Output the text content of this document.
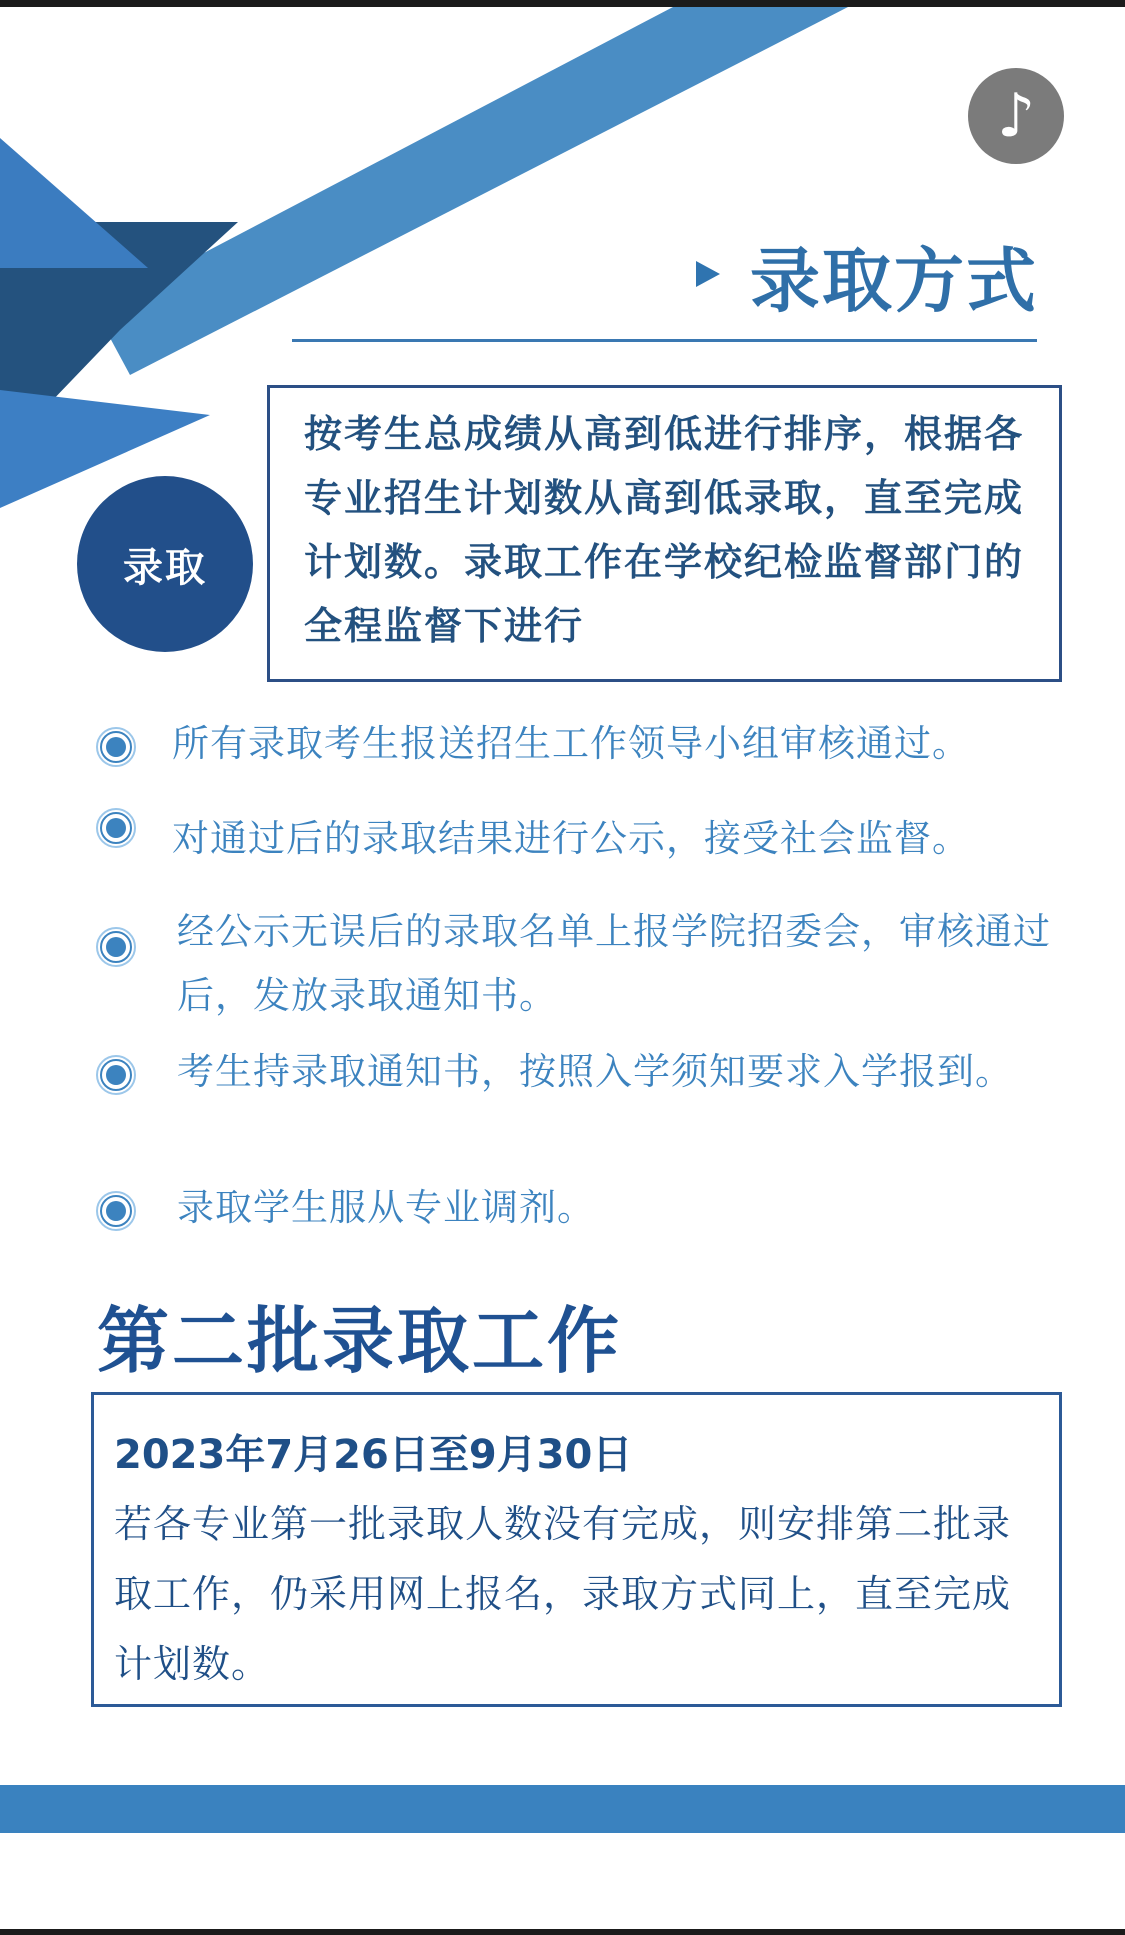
♪
录取方式
按考生总成绩从高到低进行排序，根据各专业招生计划数从高到低录取，直至完成计划数。录取工作在学校纪检监督部门的全程监督下进行
录取
所有录取考生报送招生工作领导小组审核通过。
对通过后的录取结果进行公示，接受社会监督。
经公示无误后的录取名单上报学院招委会，审核通过后，发放录取通知书。
考生持录取通知书，按照入学须知要求入学报到。
录取学生服从专业调剂。
第二批录取工作
2023年7月26日至9月30日
若各专业第一批录取人数没有完成，则安排第二批录取工作，仍采用网上报名，录取方式同上，直至完成计划数。
